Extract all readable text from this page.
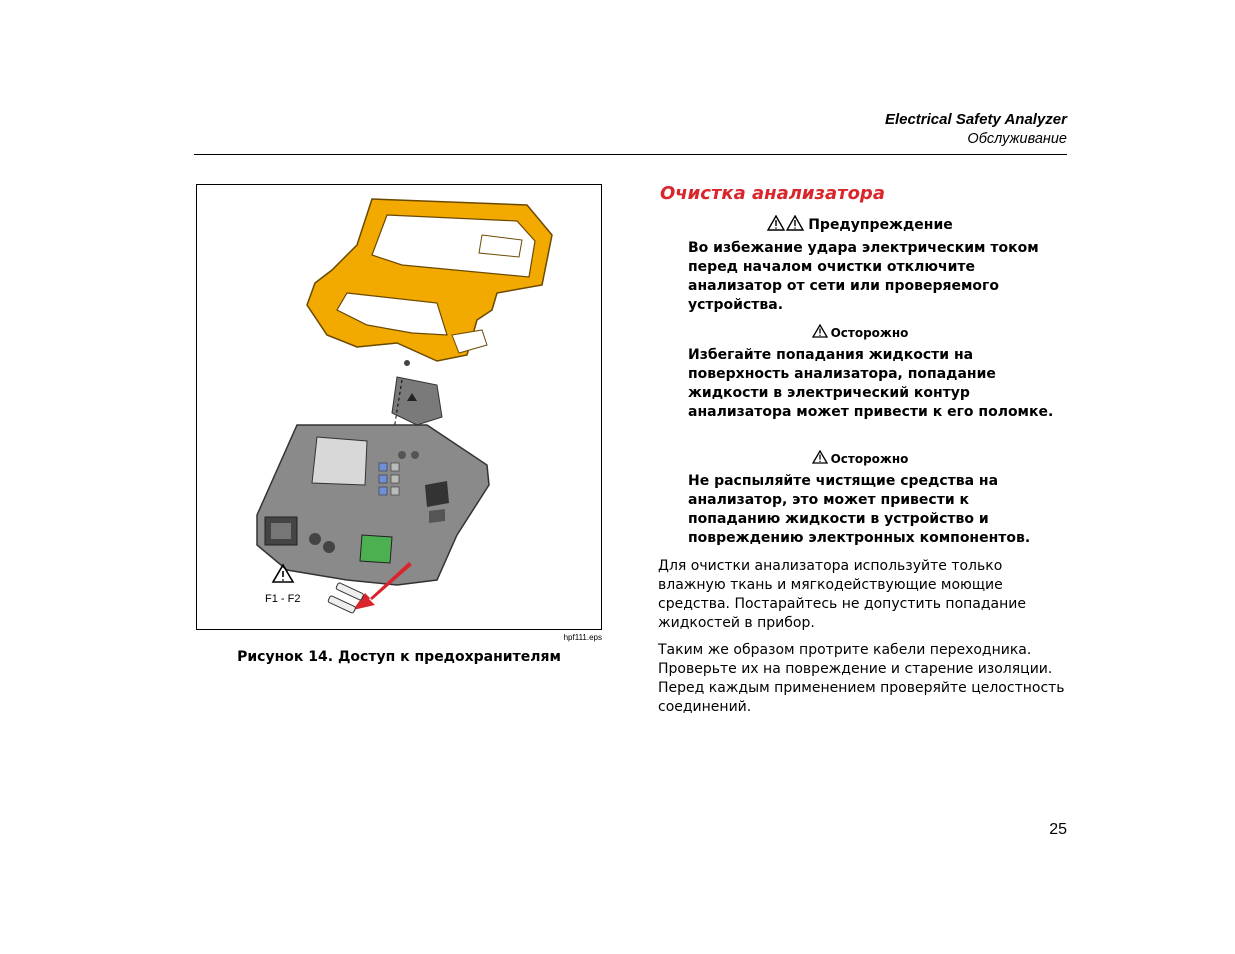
Electrical Safety Analyzer
Обслуживание
F1 - F2
hpf111.eps
Рисунок 14. Доступ к предохранителям
Очистка анализатора
Предупреждение
Во избежание удара электрическим током перед началом очистки отключите анализатор от сети или проверяемого устройства.
Осторожно
Избегайте попадания жидкости на поверхность анализатора, попадание жидкости в электрический контур анализатора может привести к его поломке.
Осторожно
Не распыляйте чистящие средства на анализатор, это может привести к попаданию жидкости в устройство и повреждению электронных компонентов.
Для очистки анализатора используйте только влажную ткань и мягкодействующие моющие средства. Постарайтесь не допустить попадание жидкостей в прибор.
Таким же образом протрите кабели переходника. Проверьте их на повреждение и старение изоляции. Перед каждым применением проверяйте целостность соединений.
25
